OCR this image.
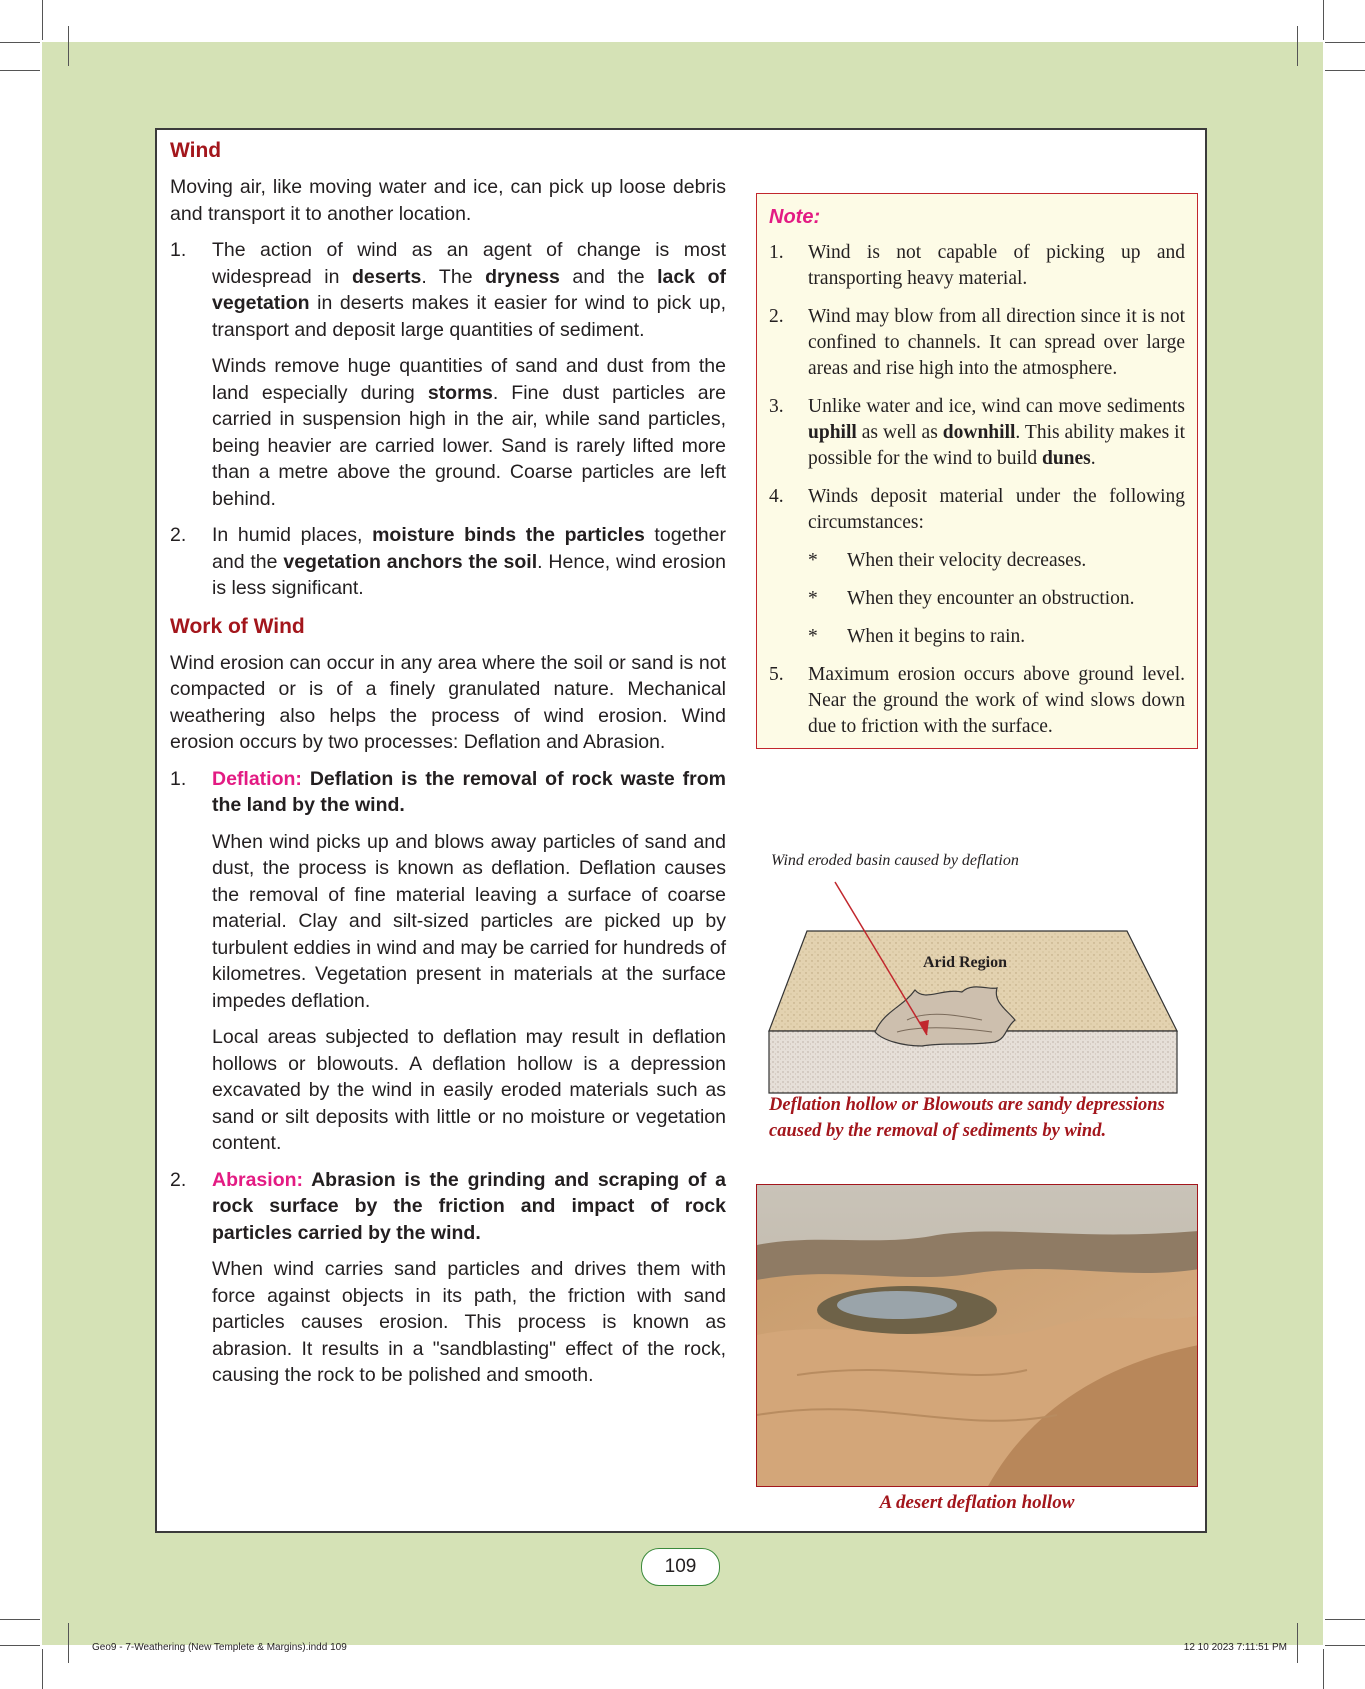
Wind

Moving air, like moving water and ice, can pick up loose debris and transport it to another location.

1. The action of wind as an agent of change is most widespread in deserts. The dryness and the lack of vegetation in deserts makes it easier for wind to pick up, transport and deposit large quantities of sediment.

Winds remove huge quantities of sand and dust from the land especially during storms. Fine dust particles are carried in suspension high in the air, while sand particles, being heavier are carried lower. Sand is rarely lifted more than a metre above the ground. Coarse particles are left behind.

2. In humid places, moisture binds the particles together and the vegetation anchors the soil. Hence, wind erosion is less significant.

Work of Wind

Wind erosion can occur in any area where the soil or sand is not compacted or is of a finely granulated nature. Mechanical weathering also helps the process of wind erosion. Wind erosion occurs by two processes: Deflation and Abrasion.

1. Deflation: Deflation is the removal of rock waste from the land by the wind.

When wind picks up and blows away particles of sand and dust, the process is known as deflation. Deflation causes the removal of fine material leaving a surface of coarse material. Clay and silt-sized particles are picked up by turbulent eddies in wind and may be carried for hundreds of kilometres. Vegetation present in materials at the surface impedes deflation.

Local areas subjected to deflation may result in deflation hollows or blowouts. A deflation hollow is a depression excavated by the wind in easily eroded materials such as sand or silt deposits with little or no moisture or vegetation content.

2. Abrasion: Abrasion is the grinding and scraping of a rock surface by the friction and impact of rock particles carried by the wind.

When wind carries sand particles and drives them with force against objects in its path, the friction with sand particles causes erosion. This process is known as abrasion. It results in a "sandblasting" effect of the rock, causing the rock to be polished and smooth.

Note:
1. Wind is not capable of picking up and transporting heavy material.
2. Wind may blow from all direction since it is not confined to channels. It can spread over large areas and rise high into the atmosphere.
3. Unlike water and ice, wind can move sediments uphill as well as downhill. This ability makes it possible for the wind to build dunes.
4. Winds deposit material under the following circumstances:
* When their velocity decreases.
* When they encounter an obstruction.
* When it begins to rain.
5. Maximum erosion occurs above ground level. Near the ground the work of wind slows down due to friction with the surface.
Wind eroded basin caused by deflation
Arid Region
Deflation hollow or Blowouts are sandy depressions caused by the removal of sediments by wind.
A desert deflation hollow
109
Geo9 - 7-Weathering (New Templete & Margins).indd 109	12 10 2023 7:11:51 PM
